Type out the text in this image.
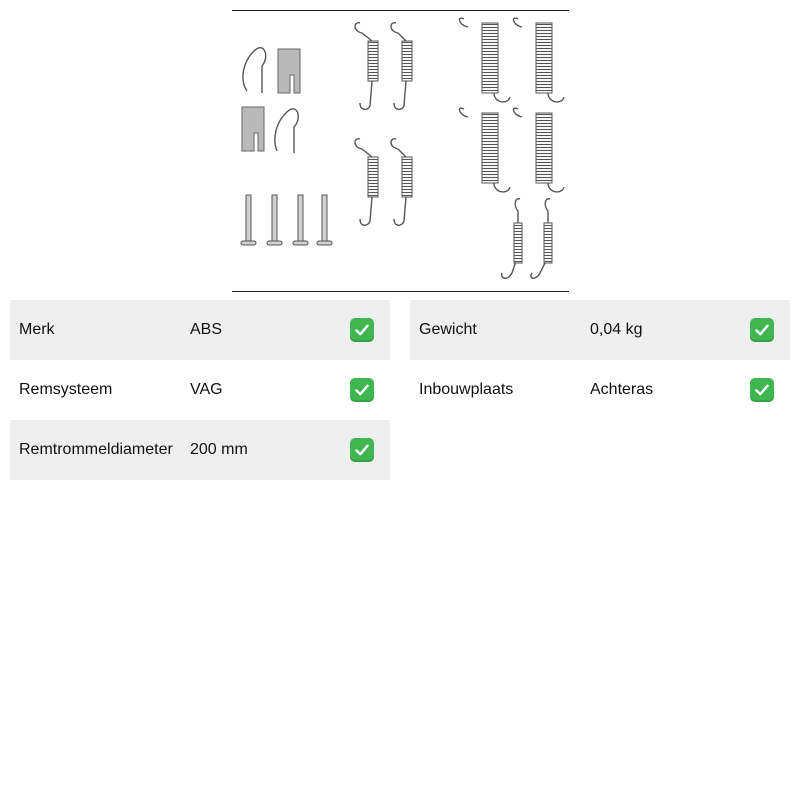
Merk	ABS
Remsysteem	VAG
Remtrommeldiameter 200 mm
Gewicht	0,04 kg
Inbouwplaats	Achteras
